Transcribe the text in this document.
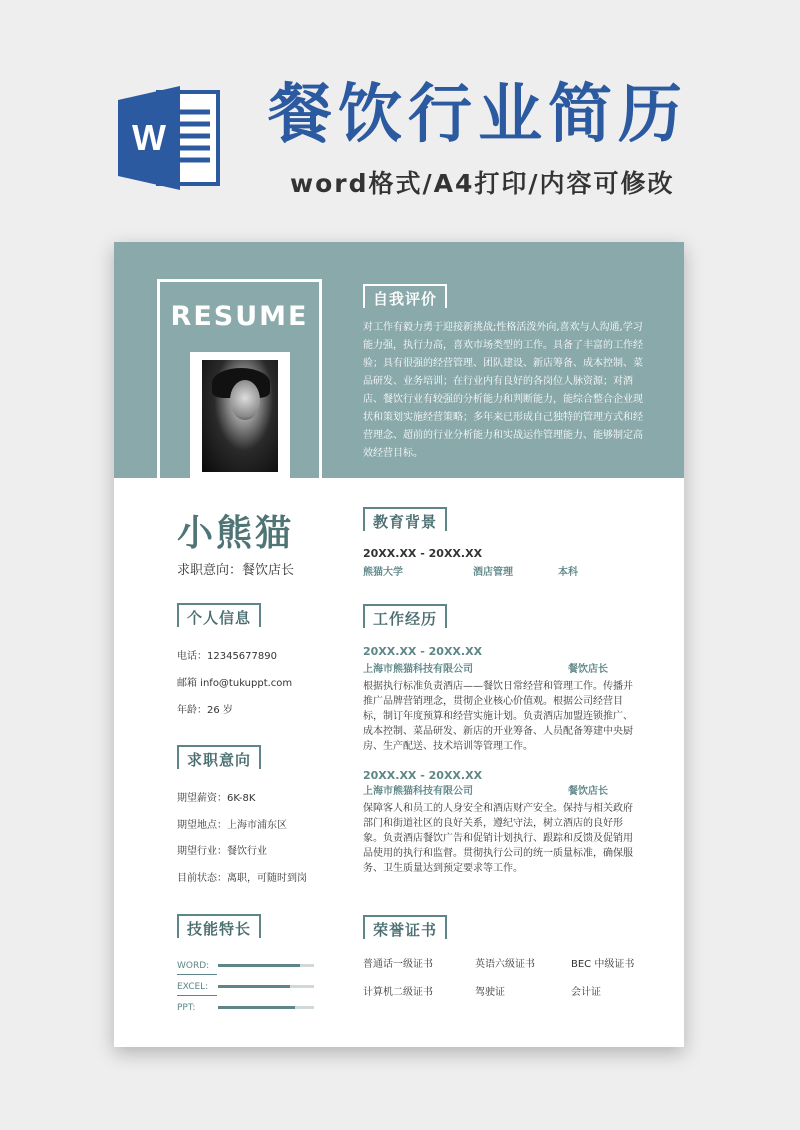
W 餐饮行业简历
word格式/A4打印/内容可修改
RESUME
自我评价
对工作有毅力勇于迎接新挑战;性格活泼外向,喜欢与人沟通,学习能力强，执行力高，喜欢市场类型的工作。具备了丰富的工作经验；具有很强的经营管理、团队建设、新店筹备、成本控制、菜品研发、业务培训；在行业内有良好的各岗位人脉资源；对酒店、餐饮行业有较强的分析能力和判断能力，能综合整合企业现状和策划实施经营策略；多年来已形成自己独特的管理方式和经营理念、超前的行业分析能力和实战运作管理能力、能够制定高效经营目标。
小熊猫
求职意向：餐饮店长
个人信息
电话：12345677890
邮箱 info@tukuppt.com
年龄：26 岁
求职意向
期望薪资：6K-8K
期望地点：上海市浦东区
期望行业：餐饮行业
目前状态：离职，可随时到岗
技能特长
WORD:
EXCEL:
PPT:
教育背景
20XX.XX - 20XX.XX
熊猫大学	酒店管理	本科
工作经历
20XX.XX - 20XX.XX
上海市熊猫科技有限公司	餐饮店长
根据执行标准负责酒店——餐饮日常经营和管理工作。传播并推广品牌营销理念，贯彻企业核心价值观。根据公司经营目标，制订年度预算和经营实施计划。负责酒店加盟连锁推广、成本控制、菜品研发、新店的开业筹备、人员配备筹建中央厨房、生产配送、技术培训等管理工作。
20XX.XX - 20XX.XX
上海市熊猫科技有限公司	餐饮店长
保障客人和员工的人身安全和酒店财产安全。保持与相关政府部门和街道社区的良好关系，遵纪守法，树立酒店的良好形象。负责酒店餐饮广告和促销计划执行、跟踪和反馈及促销用品使用的执行和监督。贯彻执行公司的统一质量标准，确保服务、卫生质量达到预定要求等工作。
荣誉证书
普通话一级证书	英语六级证书	BEC 中级证书
计算机二级证书	驾驶证	会计证
